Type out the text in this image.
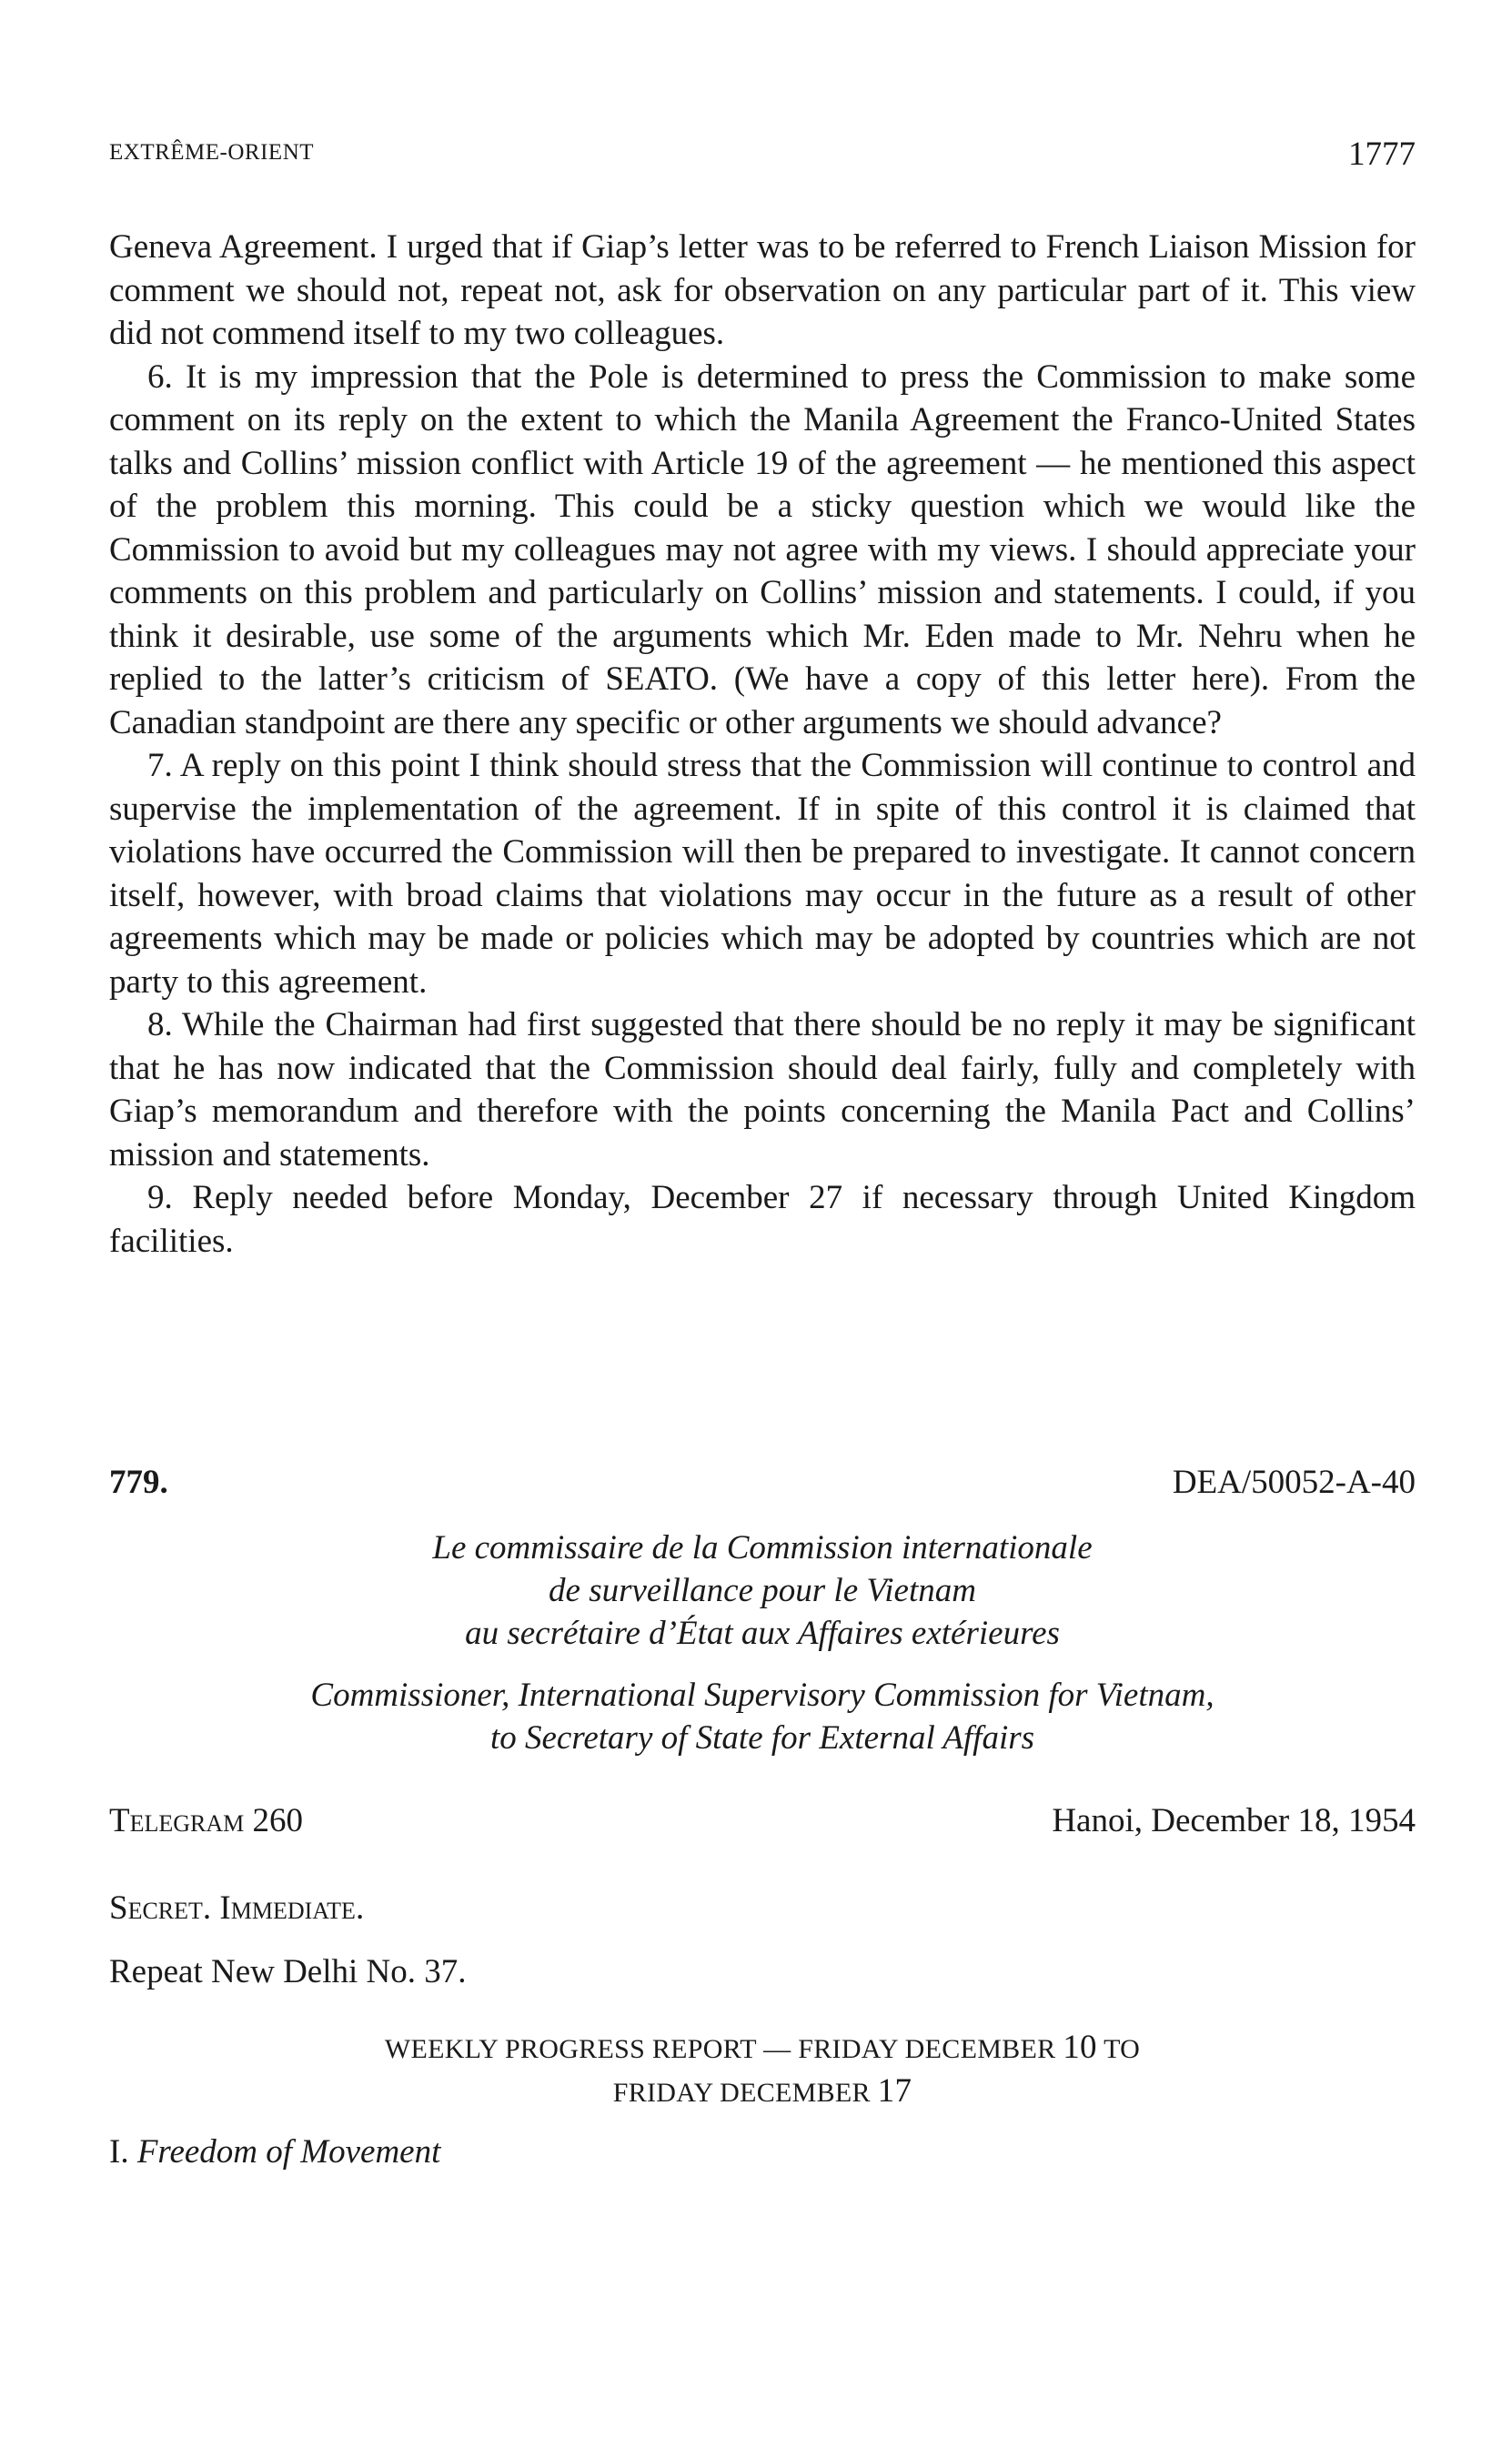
EXTRÊME-ORIENT	1777

Geneva Agreement. I urged that if Giap’s letter was to be referred to French Liaison Mission for comment we should not, repeat not, ask for observation on any particular part of it. This view did not commend itself to my two colleagues.

6. It is my impression that the Pole is determined to press the Commission to make some comment on its reply on the extent to which the Manila Agreement the Franco-United States talks and Collins’ mission conflict with Article 19 of the agreement — he mentioned this aspect of the problem this morning. This could be a sticky question which we would like the Commission to avoid but my colleagues may not agree with my views. I should appreciate your comments on this problem and particularly on Collins’ mission and statements. I could, if you think it desirable, use some of the arguments which Mr. Eden made to Mr. Nehru when he replied to the latter’s criticism of SEATO. (We have a copy of this letter here). From the Canadian standpoint are there any specific or other arguments we should advance?

7. A reply on this point I think should stress that the Commission will continue to control and supervise the implementation of the agreement. If in spite of this control it is claimed that violations have occurred the Commission will then be prepared to investigate. It cannot concern itself, however, with broad claims that violations may occur in the future as a result of other agreements which may be made or policies which may be adopted by countries which are not party to this agreement.

8. While the Chairman had first suggested that there should be no reply it may be significant that he has now indicated that the Commission should deal fairly, fully and completely with Giap’s memorandum and therefore with the points concerning the Manila Pact and Collins’ mission and statements.

9. Reply needed before Monday, December 27 if necessary through United Kingdom facilities.

779.	DEA/50052-A-40
Le commissaire de la Commission internationale
de surveillance pour le Vietnam
au secrétaire d’État aux Affaires extérieures
Commissioner, International Supervisory Commission for Vietnam,
to Secretary of State for External Affairs
Telegram 260	Hanoi, December 18, 1954
Secret. Immediate.
Repeat New Delhi No. 37.
WEEKLY PROGRESS REPORT — FRIDAY DECEMBER 10 TO
FRIDAY DECEMBER 17
I. Freedom of Movement
